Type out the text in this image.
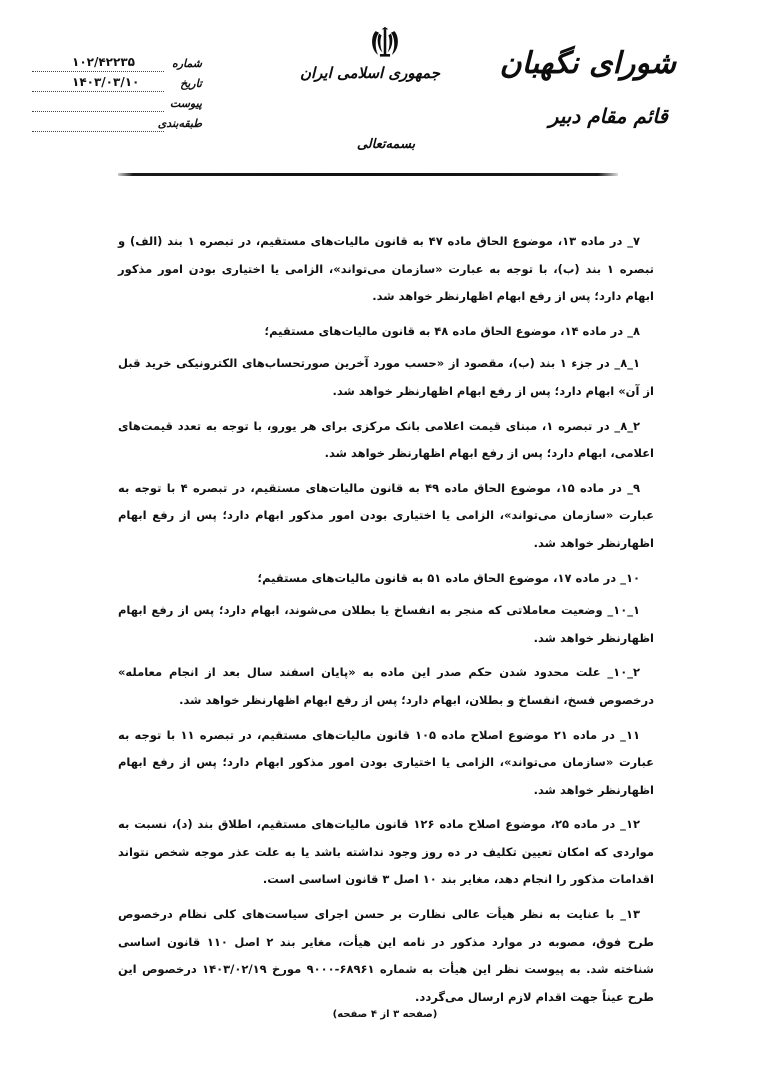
شورای نگهبان
قائم مقام دبیر
جمهوری اسلامی ایران
بسمه‌تعالی
شماره
۱۰۲/۴۲۲۳۵
تاریخ
۱۴۰۳/۰۳/۱۰
پیوست
طبقه‌بندی

۷_ در ماده ۱۳، موضوع الحاق ماده ۴۷ به قانون مالیات‌های مستقیم، در تبصره ۱ بند (الف) و تبصره ۱ بند (ب)، با توجه به عبارت «سازمان می‌تواند»، الزامی یا اختیاری بودن امور مذکور ابهام دارد؛ پس از رفع ابهام اظهارنظر خواهد شد.

۸_ در ماده ۱۴، موضوع الحاق ماده ۴۸ به قانون مالیات‌های مستقیم؛

۱_۸_ در جزء ۱ بند (ب)، مقصود از «حسب مورد آخرین صورتحساب‌های الکترونیکی خرید قبل از آن» ابهام دارد؛ پس از رفع ابهام اظهارنظر خواهد شد.

۲_۸_ در تبصره ۱، مبنای قیمت اعلامی بانک مرکزی برای هر یورو، با توجه به تعدد قیمت‌های اعلامی، ابهام دارد؛ پس از رفع ابهام اظهارنظر خواهد شد.

۹_ در ماده ۱۵، موضوع الحاق ماده ۴۹ به قانون مالیات‌های مستقیم، در تبصره ۴ با توجه به عبارت «سازمان می‌تواند»، الزامی یا اختیاری بودن امور مذکور ابهام دارد؛ پس از رفع ابهام اظهارنظر خواهد شد.

۱۰_ در ماده ۱۷، موضوع الحاق ماده ۵۱ به قانون مالیات‌های مستقیم؛

۱_۱۰_ وضعیت معاملاتی که منجر به انفساخ یا بطلان می‌شوند، ابهام دارد؛ پس از رفع ابهام اظهارنظر خواهد شد.

۲_۱۰_ علت محدود شدن حکم صدر این ماده به «پایان اسفند سال بعد از انجام معامله» درخصوص فسخ، انفساخ و بطلان، ابهام دارد؛ پس از رفع ابهام اظهارنظر خواهد شد.

۱۱_ در ماده ۲۱ موضوع اصلاح ماده ۱۰۵ قانون مالیات‌های مستقیم، در تبصره ۱۱ با توجه به عبارت «سازمان می‌تواند»، الزامی یا اختیاری بودن امور مذکور ابهام دارد؛ پس از رفع ابهام اظهارنظر خواهد شد.

۱۲_ در ماده ۲۵، موضوع اصلاح ماده ۱۲۶ قانون مالیات‌های مستقیم، اطلاق بند (د)، نسبت به مواردی که امکان تعیین تکلیف در ده روز وجود نداشته باشد یا به علت عذر موجه شخص نتواند اقدامات مذکور را انجام دهد، مغایر بند ۱۰ اصل ۳ قانون اساسی است.

۱۳_ با عنایت به نظر هیأت عالی نظارت بر حسن اجرای سیاست‌های کلی نظام درخصوص طرح فوق، مصوبه در موارد مذکور در نامه این هیأت، مغایر بند ۲ اصل ۱۱۰ قانون اساسی شناخته شد. به پیوست نظر این هیأت به شماره ۶۸۹۶۱-۹۰۰۰ مورخ ۱۴۰۳/۰۲/۱۹ درخصوص این طرح عیناً جهت اقدام لازم ارسال می‌گردد.

(صفحه ۳ از ۴ صفحه)
